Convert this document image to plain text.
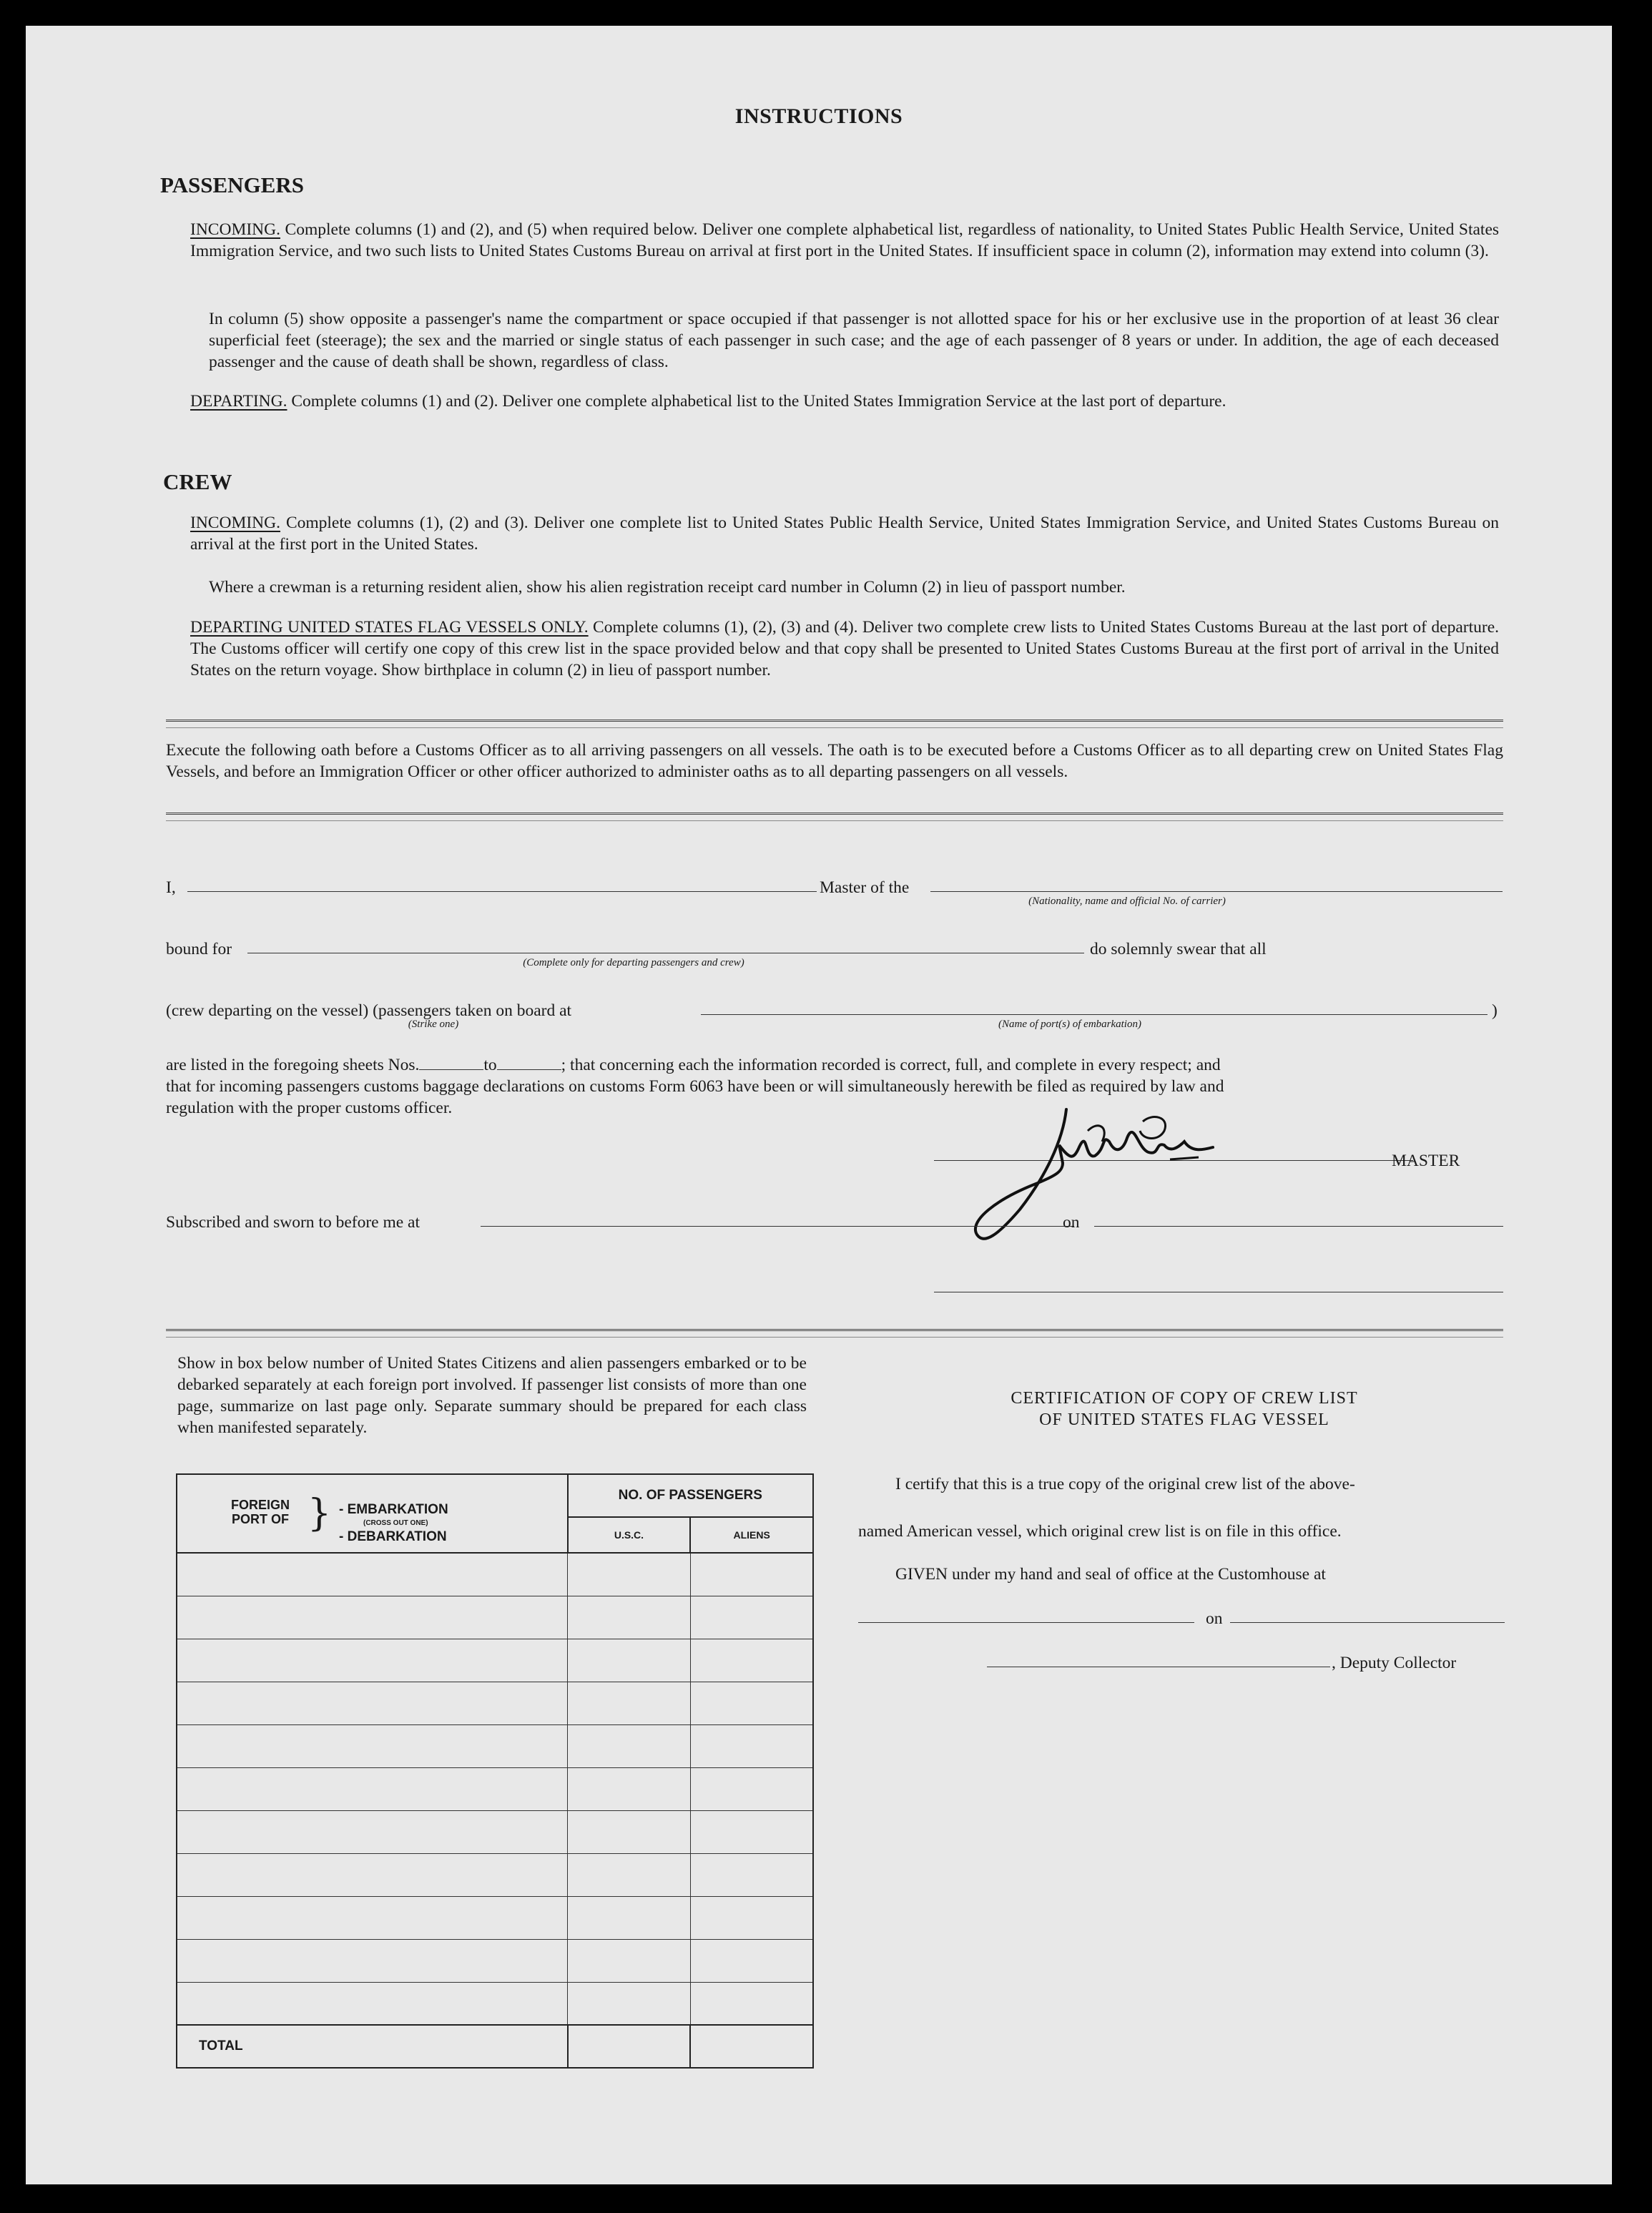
INSTRUCTIONS
PASSENGERS
INCOMING. Complete columns (1) and (2), and (5) when required below. Deliver one complete alphabetical list, regardless of nationality, to United States Public Health Service, United States Immigration Service, and two such lists to United States Customs Bureau on arrival at first port in the United States. If insufficient space in column (2), information may extend into column (3).
In column (5) show opposite a passenger's name the compartment or space occupied if that passenger is not allotted space for his or her exclusive use in the proportion of at least 36 clear superficial feet (steerage); the sex and the married or single status of each passenger in such case; and the age of each passenger of 8 years or under. In addition, the age of each deceased passenger and the cause of death shall be shown, regardless of class.
DEPARTING. Complete columns (1) and (2). Deliver one complete alphabetical list to the United States Immigration Service at the last port of departure.
CREW
INCOMING. Complete columns (1), (2) and (3). Deliver one complete list to United States Public Health Service, United States Immigration Service, and United States Customs Bureau on arrival at the first port in the United States.
Where a crewman is a returning resident alien, show his alien registration receipt card number in Column (2) in lieu of passport number.
DEPARTING UNITED STATES FLAG VESSELS ONLY. Complete columns (1), (2), (3) and (4). Deliver two complete crew lists to United States Customs Bureau at the last port of departure. The Customs officer will certify one copy of this crew list in the space provided below and that copy shall be presented to United States Customs Bureau at the first port of arrival in the United States on the return voyage. Show birthplace in column (2) in lieu of passport number.
Execute the following oath before a Customs Officer as to all arriving passengers on all vessels. The oath is to be executed before a Customs Officer as to all departing crew on United States Flag Vessels, and before an Immigration Officer or other officer authorized to administer oaths as to all departing passengers on all vessels.
I,	Master of the
(Nationality, name and official No. of carrier)
bound for	do solemnly swear that all
(Complete only for departing passengers and crew)
(crew departing on the vessel) (passengers taken on board at	)
(Strike one)	(Name of port(s) of embarkation)
are listed in the foregoing sheets Nos.	to	; that concerning each the information recorded is correct, full, and complete in every respect; and
that for incoming passengers customs baggage declarations on customs Form 6063 have been or will simultaneously herewith be filed as required by law and
regulation with the proper customs officer.
MASTER
Subscribed and sworn to before me at	on
Show in box below number of United States Citizens and alien passengers embarked or to be debarked separately at each foreign port involved. If passenger list consists of more than one page, summarize on last page only. Separate summary should be prepared for each class when manifested separately.
FOREIGN PORT OF } - EMBARKATION
(CROSS OUT ONE)
- DEBARKATION	NO. OF PASSENGERS	
	U.S.C.	ALIENS

TOTAL		
CERTIFICATION OF COPY OF CREW LIST
OF UNITED STATES FLAG VESSEL
I certify that this is a true copy of the original crew list of the above-
named American vessel, which original crew list is on file in this office.
GIVEN under my hand and seal of office at the Customhouse at
on
, Deputy Collector
